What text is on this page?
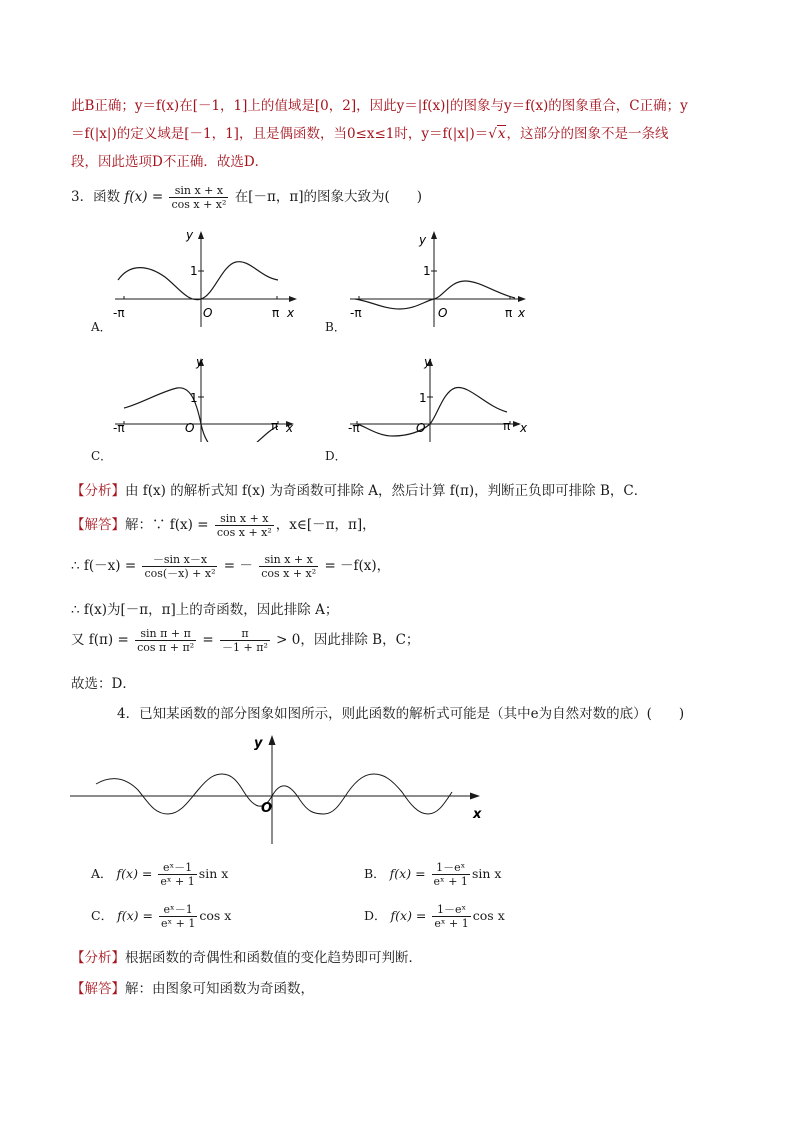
此B正确；y＝f(x)在[－1，1]上的值域是[0，2]，因此y＝|f(x)|的图象与y＝f(x)的图象重合，C正确；y
＝f(|x|)的定义域是[－1，1]，且是偶函数，当0≤x≤1时，y＝f(|x|)＝√x，这部分的图象不是一条线
段，因此选项D不正确．故选D．
3．函数 $f(x) = \frac{\text{sin x + x}}{\text{cos x + x²}}$ 在[－π，π]的图象大致为(　　)
y
1
-π	O	π x
A．
y
1
-π	O	π x
B．
y
1
-π	O	π x
C．
y
1
-π	O	π x
D．
【分析】由 f(x) 的解析式知 f(x) 为奇函数可排除 A，然后计算 f(π)，判断正负即可排除 B，C．
【解答】解：∵ $f(x) = \frac{\text{sin x + x}}{\text{cos x + x²}}$ ，x∈[－π，π]，
∴ $f(-x) = \frac{\text{－sin x－x}}{\text{cos(－x) + x²}}$ = － $\frac{\text{sin x + x}}{\text{cos x + x²}} = -f(x)$，
∴ f(x)为[－π，π]上的奇函数，因此排除 A；
又 $f(\pi) = \frac{\text{sin π + π}}{\text{cos π + π²}} = \frac{\pi}{\text{－1 + π²}} > 0$，因此排除 B，C；
故选：D．
4．已知某函数的部分图象如图所示，则此函数的解析式可能是（其中e为自然对数的底）(　　)
y
O	x
A． $f(x) = \frac{\text{eˣ－1}}{\text{eˣ + 1}}$ sin x	B． $f(x) = \frac{\text{1－eˣ}}{\text{eˣ + 1}}$ sin x
C． $f(x) = \frac{\text{eˣ－1}}{\text{eˣ + 1}}$ cos x	D． $f(x) = \frac{\text{1－eˣ}}{\text{eˣ + 1}}$ cos x
【分析】根据函数的奇偶性和函数值的变化趋势即可判断．
【解答】解：由图象可知函数为奇函数，
